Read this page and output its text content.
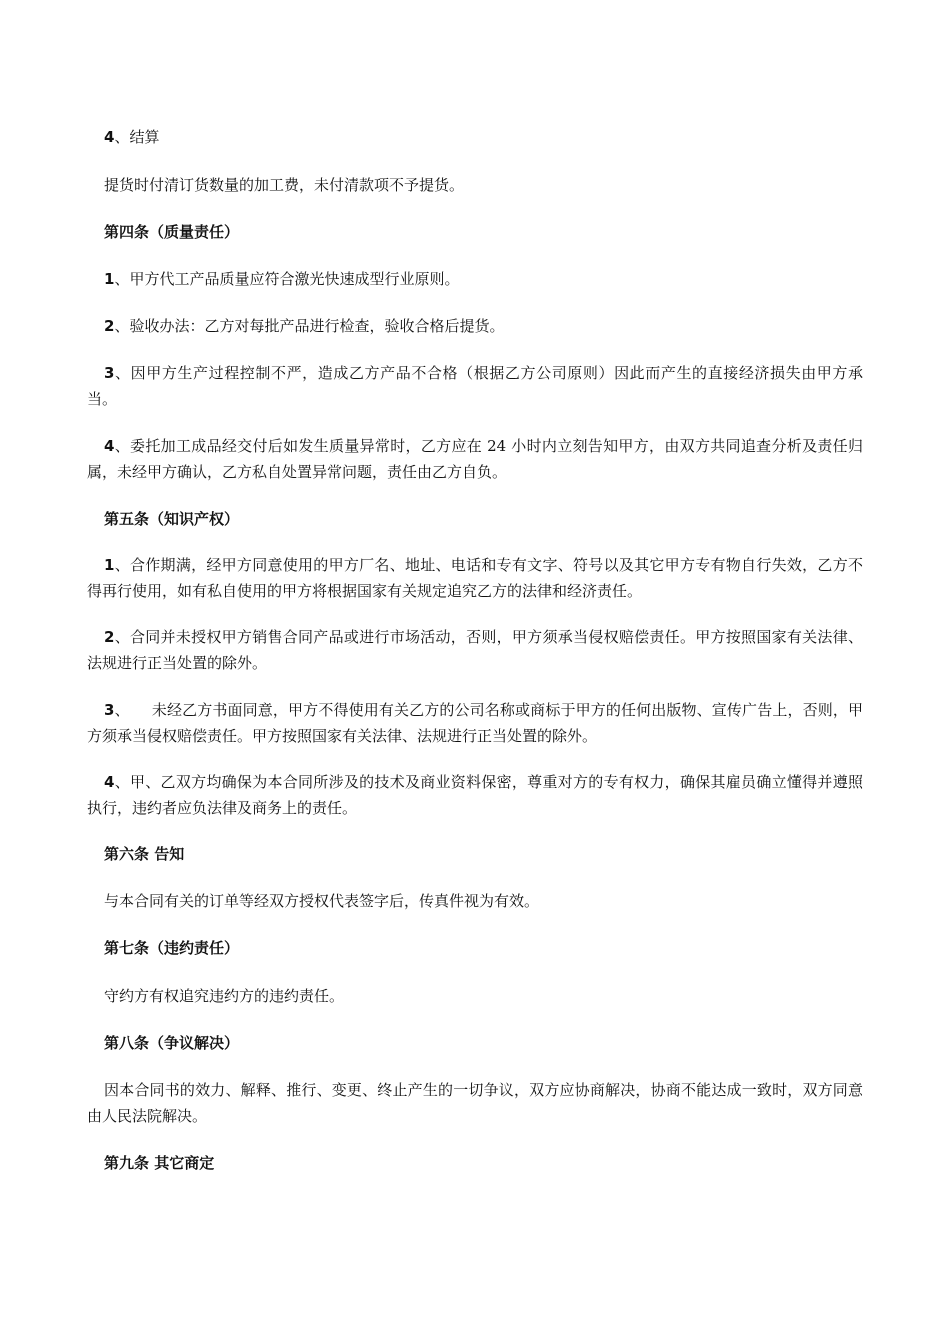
4、结算

提货时付清订货数量的加工费，未付清款项不予提货。

第四条（质量责任）

1、甲方代工产品质量应符合激光快速成型行业原则。

2、验收办法：乙方对每批产品进行检查，验收合格后提货。

3、因甲方生产过程控制不严，造成乙方产品不合格（根据乙方公司原则）因此而产生的直接经济损失由甲方承当。

4、委托加工成品经交付后如发生质量异常时，乙方应在 24 小时内立刻告知甲方，由双方共同追查分析及责任归属，未经甲方确认，乙方私自处置异常问题，责任由乙方自负。

第五条（知识产权）

1、合作期满，经甲方同意使用的甲方厂名、地址、电话和专有文字、符号以及其它甲方专有物自行失效，乙方不得再行使用，如有私自使用的甲方将根据国家有关规定追究乙方的法律和经济责任。

2、合同并未授权甲方销售合同产品或进行市场活动，否则，甲方须承当侵权赔偿责任。甲方按照国家有关法律、法规进行正当处置的除外。

3、 未经乙方书面同意，甲方不得使用有关乙方的公司名称或商标于甲方的任何出版物、宣传广告上，否则，甲方须承当侵权赔偿责任。甲方按照国家有关法律、法规进行正当处置的除外。

4、甲、乙双方均确保为本合同所涉及的技术及商业资料保密，尊重对方的专有权力，确保其雇员确立懂得并遵照执行，违约者应负法律及商务上的责任。

第六条 告知

与本合同有关的订单等经双方授权代表签字后，传真件视为有效。

第七条（违约责任）

守约方有权追究违约方的违约责任。

第八条（争议解决）

因本合同书的效力、解释、推行、变更、终止产生的一切争议，双方应协商解决，协商不能达成一致时，双方同意由人民法院解决。

第九条 其它商定
